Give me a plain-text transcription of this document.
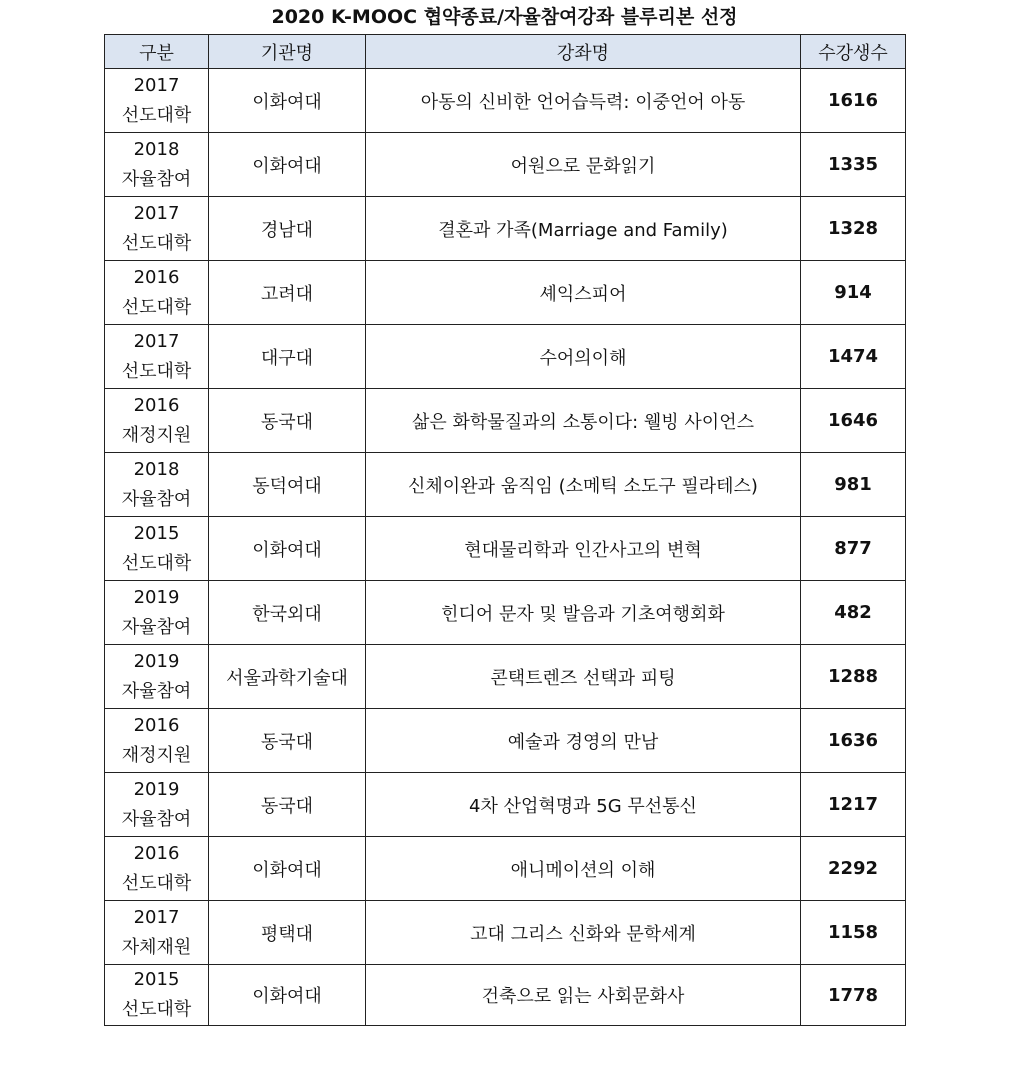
2020 K-MOOC 협약종료/자율참여강좌 블루리본 선정
구분	기관명	강좌명	수강생수

2017
선도대학	이화여대	아동의 신비한 언어습득력: 이중언어 아동	1616

2018
자율참여	이화여대	어원으로 문화읽기	1335

2017
선도대학	경남대	결혼과 가족(Marriage and Family)	1328

2016
선도대학	고려대	셰익스피어	914

2017
선도대학	대구대	수어의이해	1474

2016
재정지원	동국대	삶은 화학물질과의 소통이다: 웰빙 사이언스	1646

2018
자율참여	동덕여대	신체이완과 움직임 (소메틱 소도구 필라테스)	981

2015
선도대학	이화여대	현대물리학과 인간사고의 변혁	877

2019
자율참여	한국외대	힌디어 문자 및 발음과 기초여행회화	482

2019
자율참여	서울과학기술대	콘택트렌즈 선택과 피팅	1288

2016
재정지원	동국대	예술과 경영의 만남	1636

2019
자율참여	동국대	4차 산업혁명과 5G 무선통신	1217

2016
선도대학	이화여대	애니메이션의 이해	2292

2017
자체재원	평택대	고대 그리스 신화와 문학세계	1158

2015
선도대학	이화여대	건축으로 읽는 사회문화사	1778
